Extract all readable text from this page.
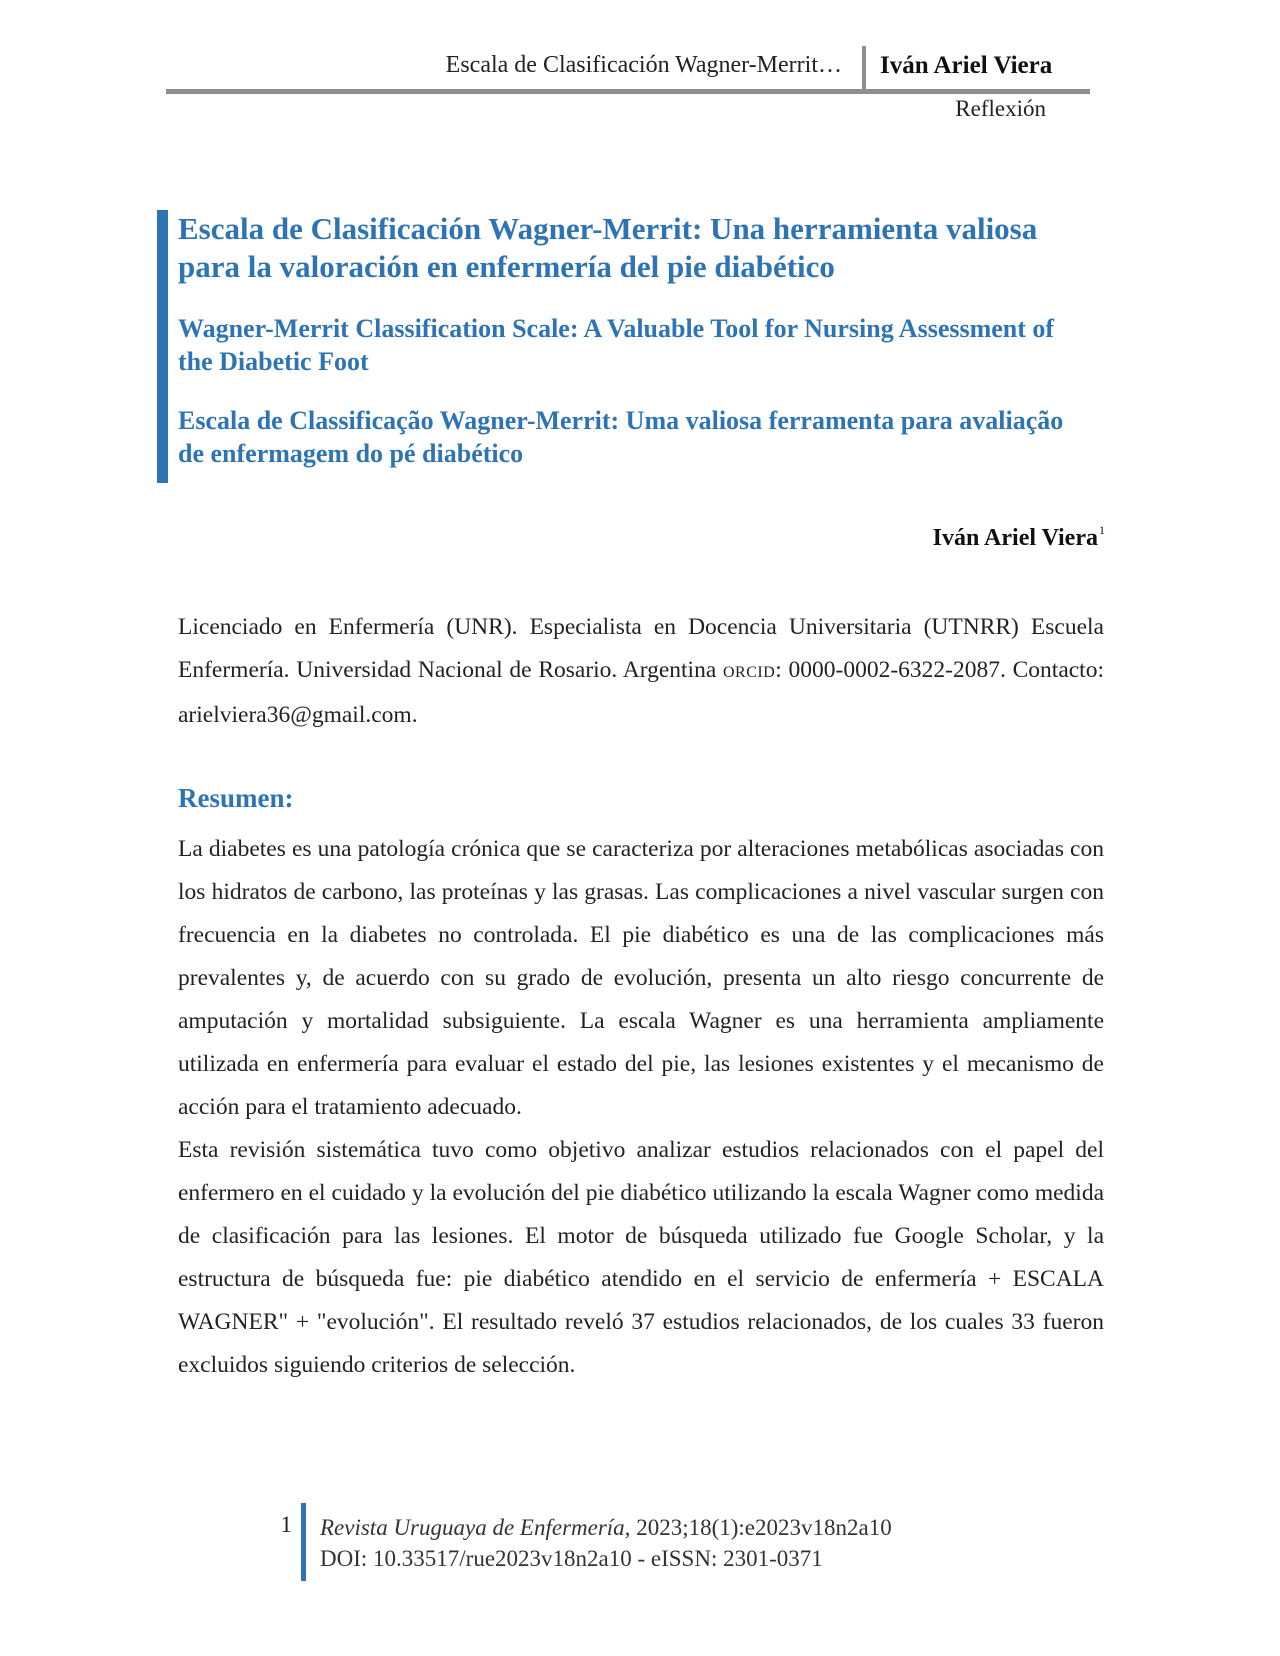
Escala de Clasificación Wagner-Merrit… Iván Ariel Viera
Reflexión
Escala de Clasificación Wagner-Merrit: Una herramienta valiosa para la valoración en enfermería del pie diabético
Wagner-Merrit Classification Scale: A Valuable Tool for Nursing Assessment of the Diabetic Foot
Escala de Classificação Wagner-Merrit: Uma valiosa ferramenta para avaliação de enfermagem do pé diabético
Iván Ariel Viera$^1$
Licenciado en Enfermería (UNR). Especialista en Docencia Universitaria (UTNRR) Escuela Enfermería. Universidad Nacional de Rosario. Argentina ORCID: 0000-0002-6322-2087. Contacto: arielviera36@gmail.com.
Resumen:

La diabetes es una patología crónica que se caracteriza por alteraciones metabólicas asociadas con los hidratos de carbono, las proteínas y las grasas. Las complicaciones a nivel vascular surgen con frecuencia en la diabetes no controlada. El pie diabético es una de las complicaciones más prevalentes y, de acuerdo con su grado de evolución, presenta un alto riesgo concurrente de amputación y mortalidad subsiguiente. La escala Wagner es una herramienta ampliamente utilizada en enfermería para evaluar el estado del pie, las lesiones existentes y el mecanismo de acción para el tratamiento adecuado.

Esta revisión sistemática tuvo como objetivo analizar estudios relacionados con el papel del enfermero en el cuidado y la evolución del pie diabético utilizando la escala Wagner como medida de clasificación para las lesiones. El motor de búsqueda utilizado fue Google Scholar, y la estructura de búsqueda fue: pie diabético atendido en el servicio de enfermería + ESCALA WAGNER" + "evolución". El resultado reveló 37 estudios relacionados, de los cuales 33 fueron excluidos siguiendo criterios de selección.

1 Revista Uruguaya de Enfermería, 2023;18(1):e2023v18n2a10
DOI: 10.33517/rue2023v18n2a10 - eISSN: 2301-0371
